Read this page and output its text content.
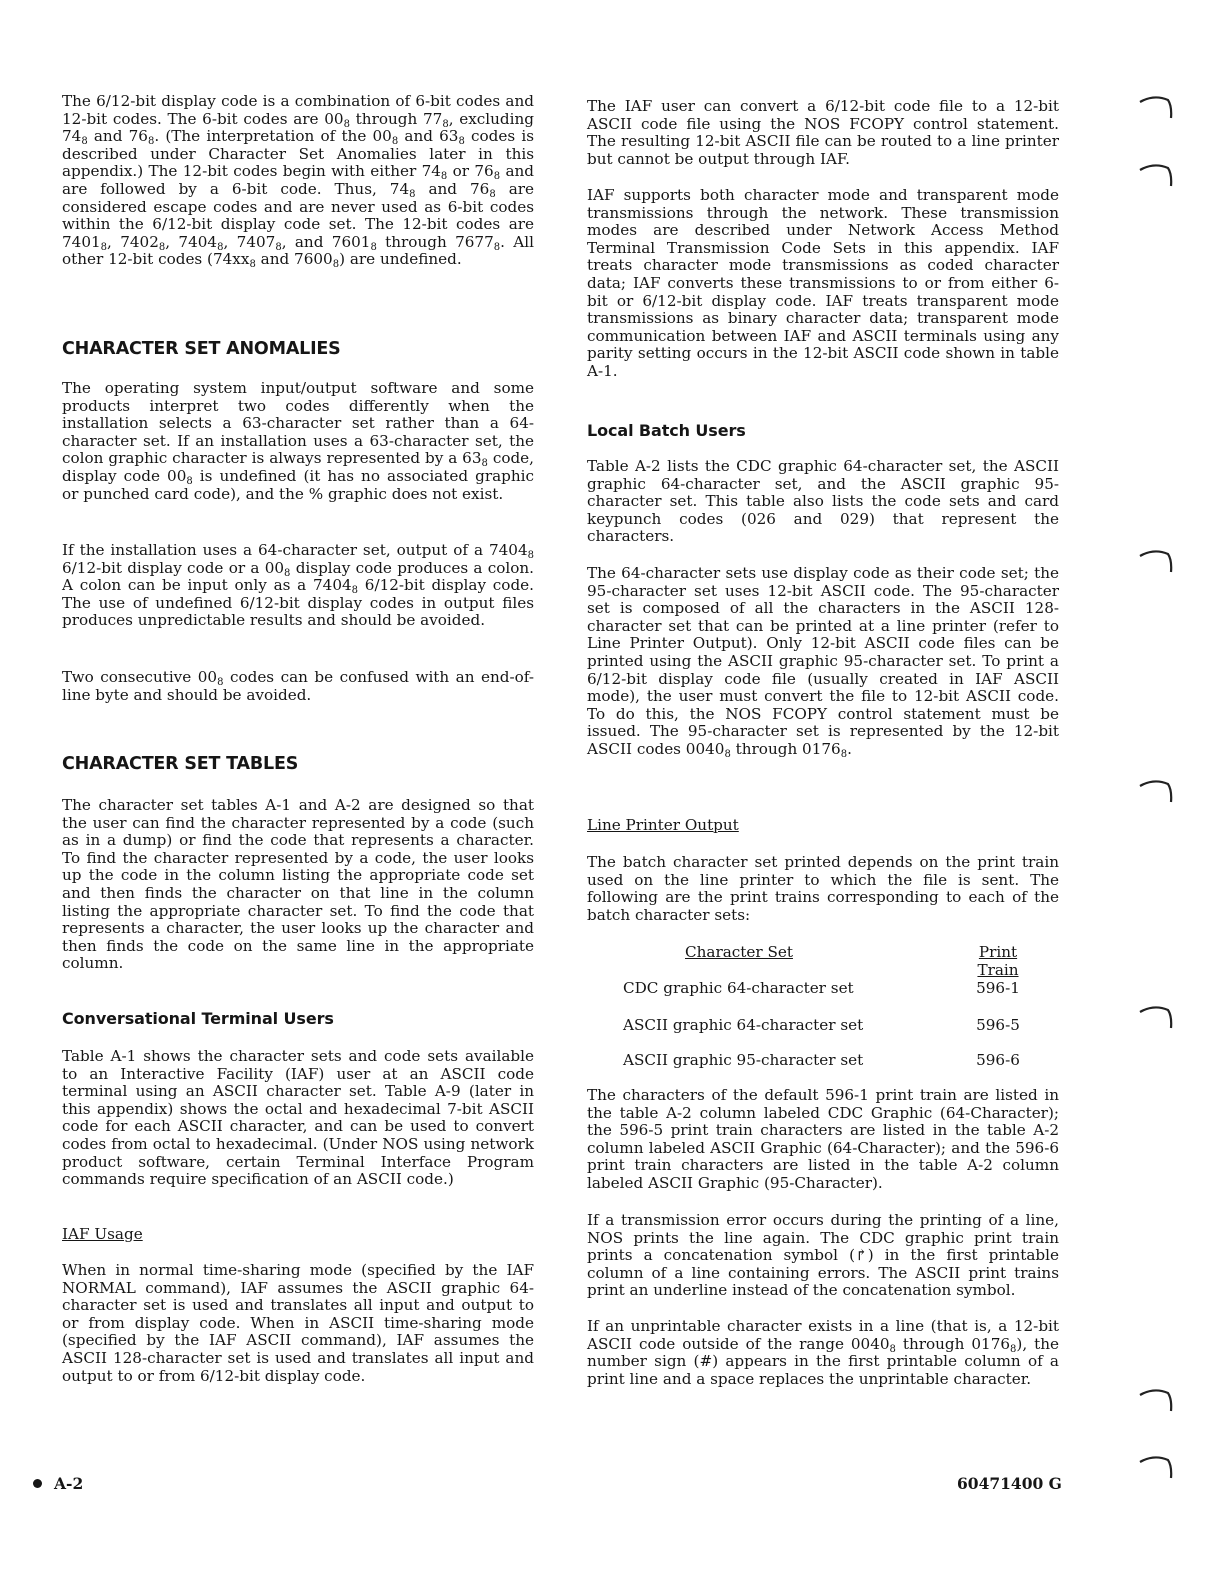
The 6/12-bit display code is a combination of 6-bit codes and 12-bit codes. The 6-bit codes are $00_8$ through $77_8$, excluding $74_8$ and $76_8$. (The interpretation of the $00_8$ and $63_8$ codes is described under Character Set Anomalies later in this appendix.) The 12-bit codes begin with either $74_8$ or $76_8$ and are followed by a 6-bit code. Thus, $74_8$ and $76_8$ are considered escape codes and are never used as 6-bit codes within the 6/12-bit display code set. The 12-bit codes are $7401_8$, $7402_8$, $7404_8$, $7407_8$, and $7601_8$ through $7677_8$. All other 12-bit codes ($74xx_8$ and $7600_8$) are undefined.

CHARACTER SET ANOMALIES

The operating system input/output software and some products interpret two codes differently when the installation selects a 63-character set rather than a 64-character set. If an installation uses a 63-character set, the colon graphic character is always represented by a $63_8$ code, display code $00_8$ is undefined (it has no associated graphic or punched card code), and the % graphic does not exist.

If the installation uses a 64-character set, output of a $7404_8$ 6/12-bit display code or a $00_8$ display code produces a colon. A colon can be input only as a $7404_8$ 6/12-bit display code. The use of undefined 6/12-bit display codes in output files produces unpredictable results and should be avoided.

Two consecutive $00_8$ codes can be confused with an end-of-line byte and should be avoided.

CHARACTER SET TABLES

The character set tables A-1 and A-2 are designed so that the user can find the character represented by a code (such as in a dump) or find the code that represents a character. To find the character represented by a code, the user looks up the code in the column listing the appropriate code set and then finds the character on that line in the column listing the appropriate character set. To find the code that represents a character, the user looks up the character and then finds the code on the same line in the appropriate column.

Conversational Terminal Users

Table A-1 shows the character sets and code sets available to an Interactive Facility (IAF) user at an ASCII code terminal using an ASCII character set. Table A-9 (later in this appendix) shows the octal and hexadecimal 7-bit ASCII code for each ASCII character, and can be used to convert codes from octal to hexadecimal. (Under NOS using network product software, certain Terminal Interface Program commands require specification of an ASCII code.)

IAF Usage

When in normal time-sharing mode (specified by the IAF NORMAL command), IAF assumes the ASCII graphic 64-character set is used and translates all input and output to or from display code. When in ASCII time-sharing mode (specified by the IAF ASCII command), IAF assumes the ASCII 128-character set is used and translates all input and output to or from 6/12-bit display code.

The IAF user can convert a 6/12-bit code file to a 12-bit ASCII code file using the NOS FCOPY control statement. The resulting 12-bit ASCII file can be routed to a line printer but cannot be output through IAF.

IAF supports both character mode and transparent mode transmissions through the network. These transmission modes are described under Network Access Method Terminal Transmission Code Sets in this appendix. IAF treats character mode transmissions as coded character data; IAF converts these transmissions to or from either 6-bit or 6/12-bit display code. IAF treats transparent mode transmissions as binary character data; transparent mode communication between IAF and ASCII terminals using any parity setting occurs in the 12-bit ASCII code shown in table A-1.

Local Batch Users

Table A-2 lists the CDC graphic 64-character set, the ASCII graphic 64-character set, and the ASCII graphic 95-character set. This table also lists the code sets and card keypunch codes (026 and 029) that represent the characters.

The 64-character sets use display code as their code set; the 95-character set uses 12-bit ASCII code. The 95-character set is composed of all the characters in the ASCII 128-character set that can be printed at a line printer (refer to Line Printer Output). Only 12-bit ASCII code files can be printed using the ASCII graphic 95-character set. To print a 6/12-bit display code file (usually created in IAF ASCII mode), the user must convert the file to 12-bit ASCII code. To do this, the NOS FCOPY control statement must be issued. The 95-character set is represented by the 12-bit ASCII codes $0040_8$ through $0176_8$.

Line Printer Output

The batch character set printed depends on the print train used on the line printer to which the file is sent. The following are the print trains corresponding to each of the batch character sets:

Character Set	Print Train
CDC graphic 64-character set	596-1
ASCII graphic 64-character set	596-5
ASCII graphic 95-character set	596-6

The characters of the default 596-1 print train are listed in the table A-2 column labeled CDC Graphic (64-Character); the 596-5 print train characters are listed in the table A-2 column labeled ASCII Graphic (64-Character); and the 596-6 print train characters are listed in the table A-2 column labeled ASCII Graphic (95-Character).

If a transmission error occurs during the printing of a line, NOS prints the line again. The CDC graphic print train prints a concatenation symbol (↱) in the first printable column of a line containing errors. The ASCII print trains print an underline instead of the concatenation symbol.

If an unprintable character exists in a line (that is, a 12-bit ASCII code outside of the range $0040_8$ through $0176_8$), the number sign (#) appears in the first printable column of a print line and a space replaces the unprintable character.

A-2	60471400 G
